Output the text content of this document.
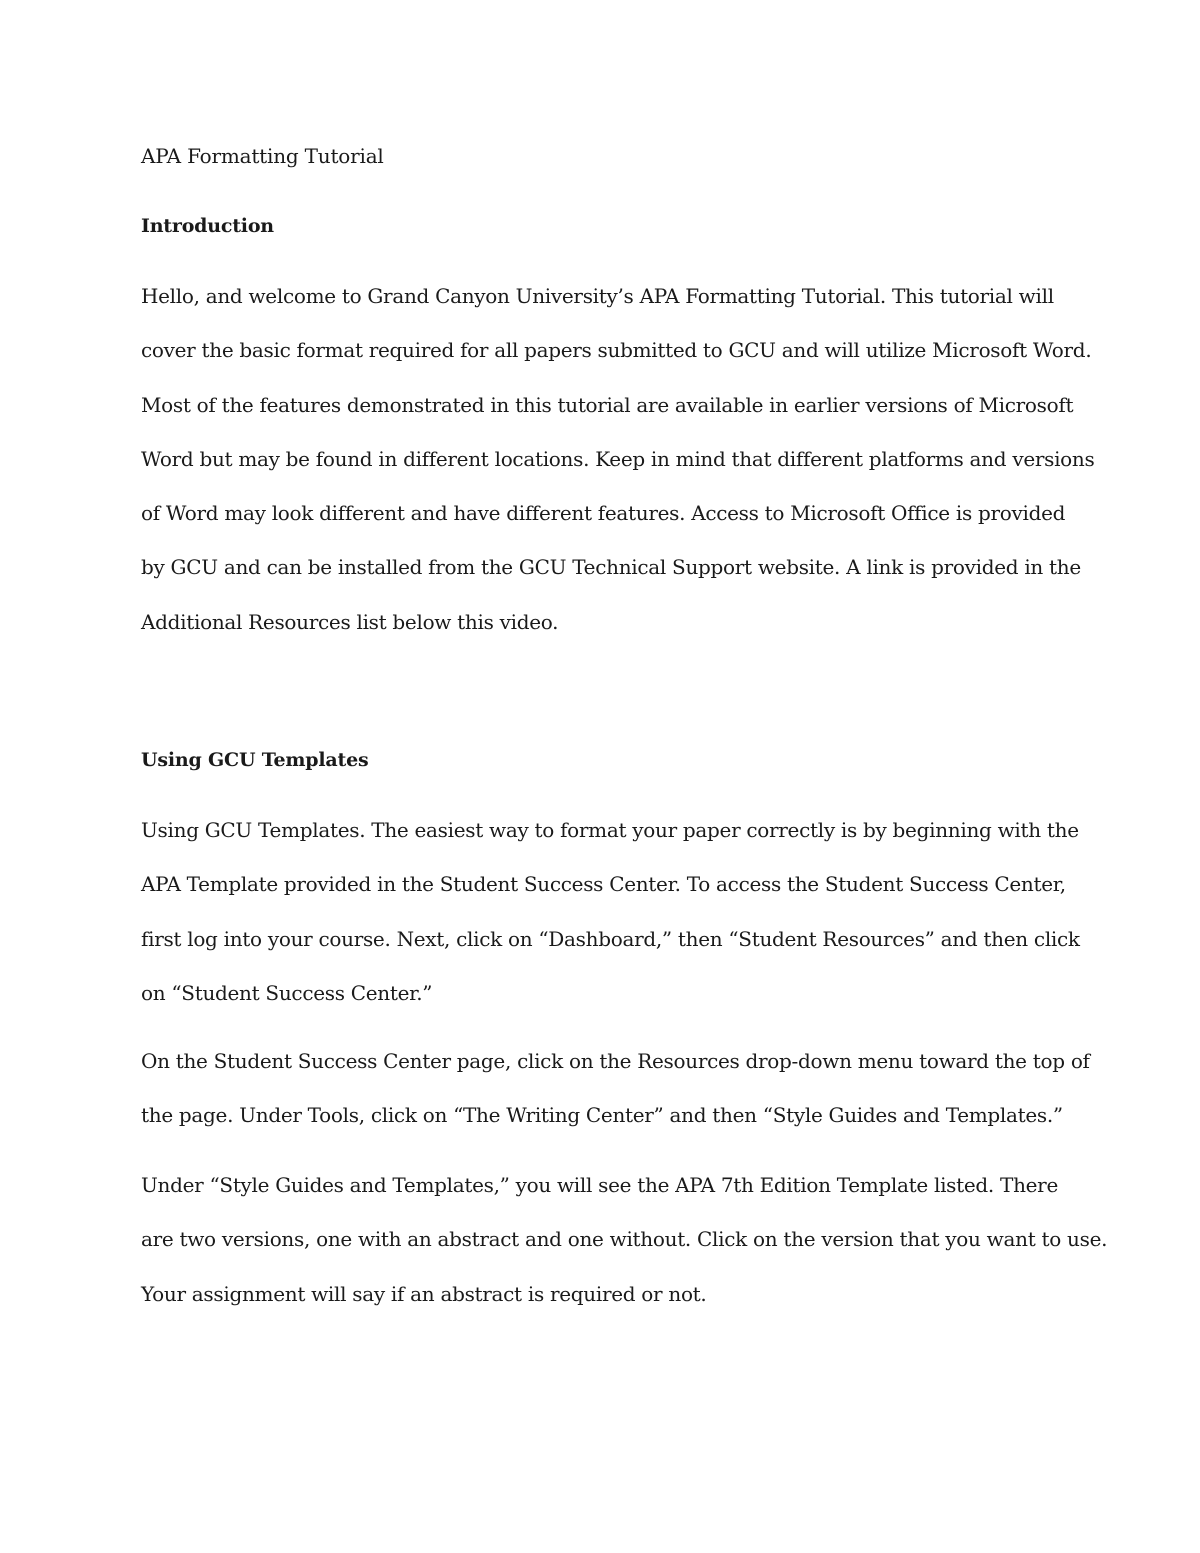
APA Formatting Tutorial
Introduction

Hello, and welcome to Grand Canyon University’s APA Formatting Tutorial. This tutorial will
cover the basic format required for all papers submitted to GCU and will utilize Microsoft Word.
Most of the features demonstrated in this tutorial are available in earlier versions of Microsoft
Word but may be found in different locations. Keep in mind that different platforms and versions
of Word may look different and have different features. Access to Microsoft Office is provided
by GCU and can be installed from the GCU Technical Support website. A link is provided in the
Additional Resources list below this video.

Using GCU Templates

Using GCU Templates. The easiest way to format your paper correctly is by beginning with the
APA Template provided in the Student Success Center. To access the Student Success Center,
first log into your course. Next, click on “Dashboard,” then “Student Resources” and then click
on “Student Success Center.”

On the Student Success Center page, click on the Resources drop-down menu toward the top of
the page. Under Tools, click on “The Writing Center” and then “Style Guides and Templates.”

Under “Style Guides and Templates,” you will see the APA 7th Edition Template listed. There
are two versions, one with an abstract and one without. Click on the version that you want to use.
Your assignment will say if an abstract is required or not.
